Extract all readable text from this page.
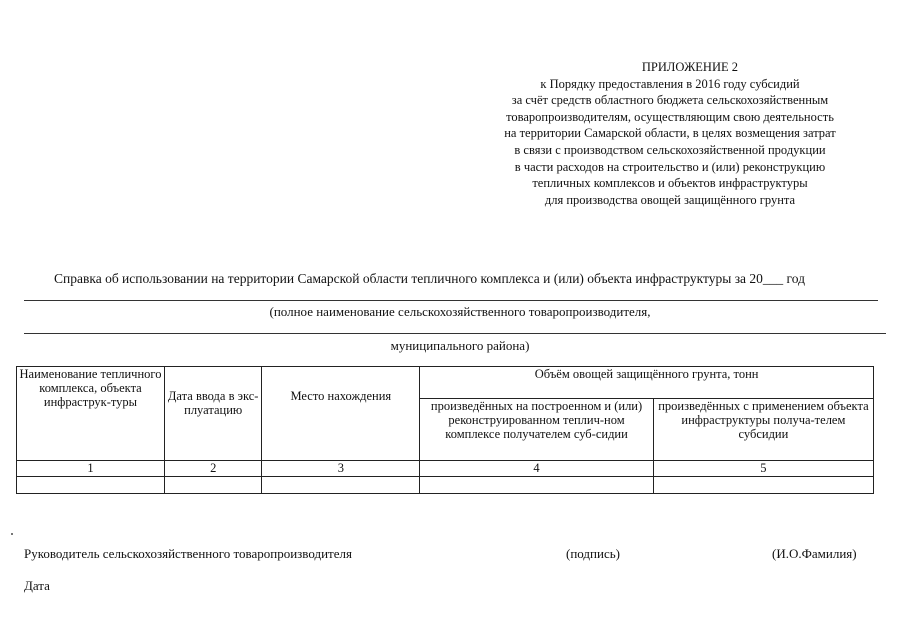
ПРИЛОЖЕНИЕ 2
к Порядку предоставления в 2016 году субсидий
за счёт средств областного бюджета сельскохозяйственным
товаропроизводителям, осуществляющим свою деятельность
на территории Самарской области, в целях возмещения затрат
в связи с производством сельскохозяйственной продукции
в части расходов на строительство и (или) реконструкцию
тепличных комплексов и объектов инфраструктуры
для производства овощей защищённого грунта
Справка об использовании на территории Самарской области тепличного комплекса и (или) объекта инфраструктуры за 20___ год
(полное наименование сельскохозяйственного товаропроизводителя,
муниципального района)
Наименование тепличного комплекса, объекта инфраструк-туры	Дата ввода в экс-плуатацию	Место нахождения	Объём овощей защищённого грунта, тонн	
			произведённых на построенном и (или) реконструированном теплич-ном комплексе получателем суб-сидии	произведённых с применением объекта инфраструктуры получа-телем субсидии
1	2	3	4	5

Руководитель сельскохозяйственного товаропроизводителя	(подпись)	(И.О.Фамилия)
Дата
